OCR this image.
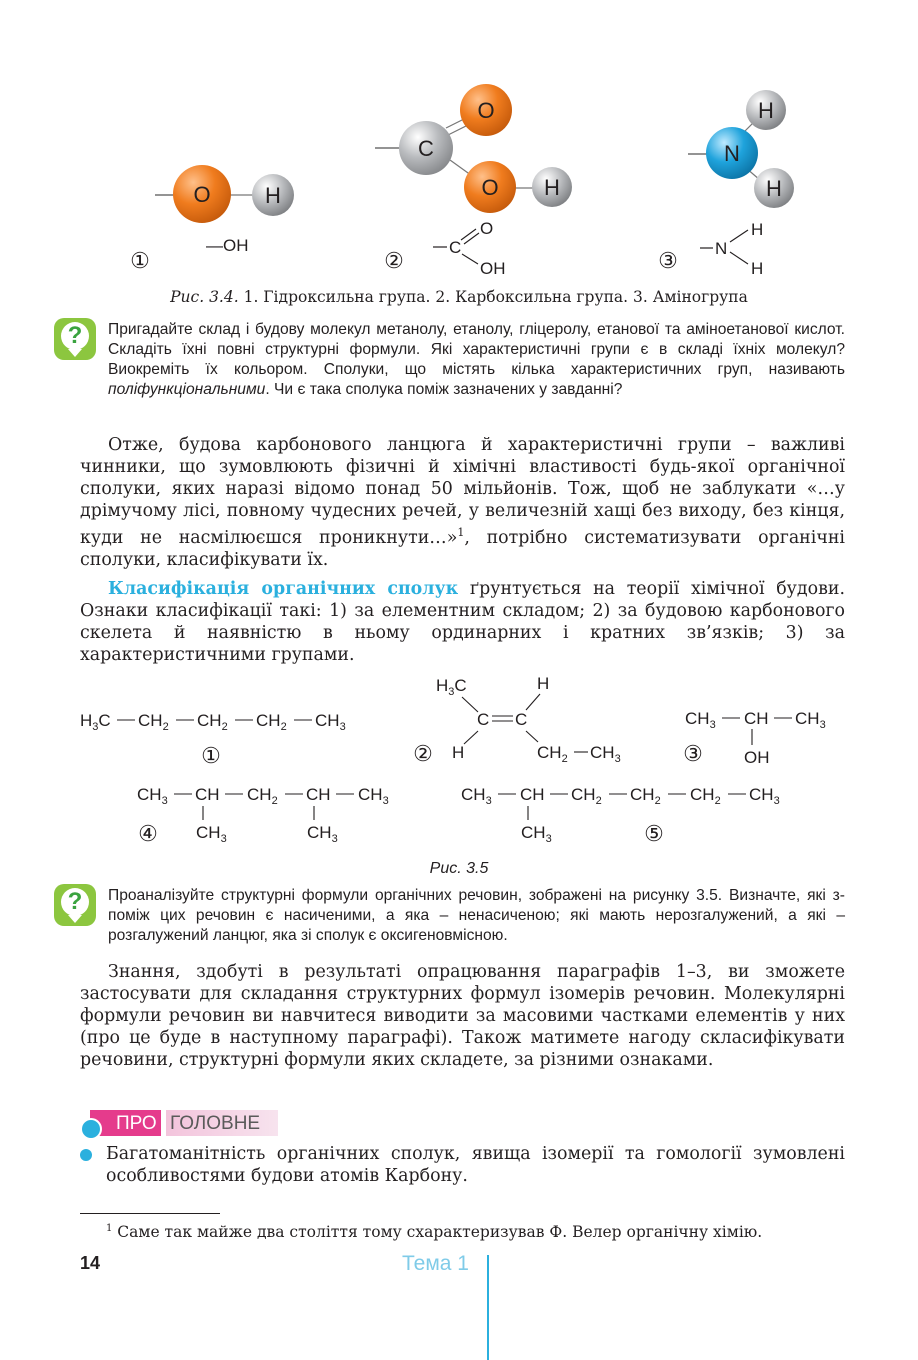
O H
—OH
①
C
O
O H
C
O
OH
②
N
H
H
N
H
H
③
Рис. 3.4. 1. Гідроксильна група. 2. Карбоксильна група. 3. Аміногрупа
?	Пригадайте склад і будову молекул метанолу, етанолу, гліцеролу, етанової та аміноетанової кислот. Складіть їхні повні структурні формули. Які характеристичні групи є в складі їхніх молекул? Виокреміть їх кольором. Сполуки, що містять кілька характеристичних груп, називають поліфункціональними. Чи є така сполука поміж зазначених у завданні?

Отже, будова карбонового ланцюга й характеристичні групи – важливі чинники, що зумовлюють фізичні й хімічні властивості будь-якої органічної сполуки, яких наразі відомо понад 50 мільйонів. Тож, щоб не заблукати «…у дрімучому лісі, повному чудесних речей, у величезній хащі без виходу, без кінця, куди не насмілюєшся проникнути…»$^1$, потрібно систематизувати органічні сполуки, класифікувати їх.

Класифікація органічних сполук ґрунтується на теорії хімічної будови. Ознаки класифікації такі: 1) за елементним складом; 2) за будовою карбонового скелета й наявністю в ньому ординарних і кратних зв’язків; 3) за характеристичними групами.

$H_3C$ $CH_2$ $CH_2$ $CH_2$ $CH_3$
①
$H_3C$	H
C C
H	$CH_2$ $CH_3$
②
$CH_3$ CH $CH_3$
OH
③
$CH_3$ CH $CH_2$ CH $CH_3$
$CH_3$	$CH_3$
④
$CH_3$ CH $CH_2$ $CH_2$ $CH_2$ $CH_3$
$CH_3$	⑤
Рис. 3.5
?	Проаналізуйте структурні формули органічних речовин, зображені на рисунку 3.5. Визначте, які з-поміж цих речовин є насиченими, а яка – ненасиченою; які мають нерозгалужений, а які – розгалужений ланцюг, яка зі сполук є оксигеновмісною.

Знання, здобуті в результаті опрацювання параграфів 1–3, ви зможете застосувати для складання структурних формул ізомерів речовин. Молекулярні формули речовин ви навчитеся виводити за масовими частками елементів у них (про це буде в наступному параграфі). Також матимете нагоду скласифікувати речовини, структурні формули яких складете, за різними ознаками.

ПРО ГОЛОВНЕ

Багатоманітність органічних сполук, явища ізомерії та гомології зумовлені особливостями будови атомів Карбону.

$^1$ Саме так майже два століття тому схарактеризував Ф. Велер органічну хімію.
14	Тема 1
